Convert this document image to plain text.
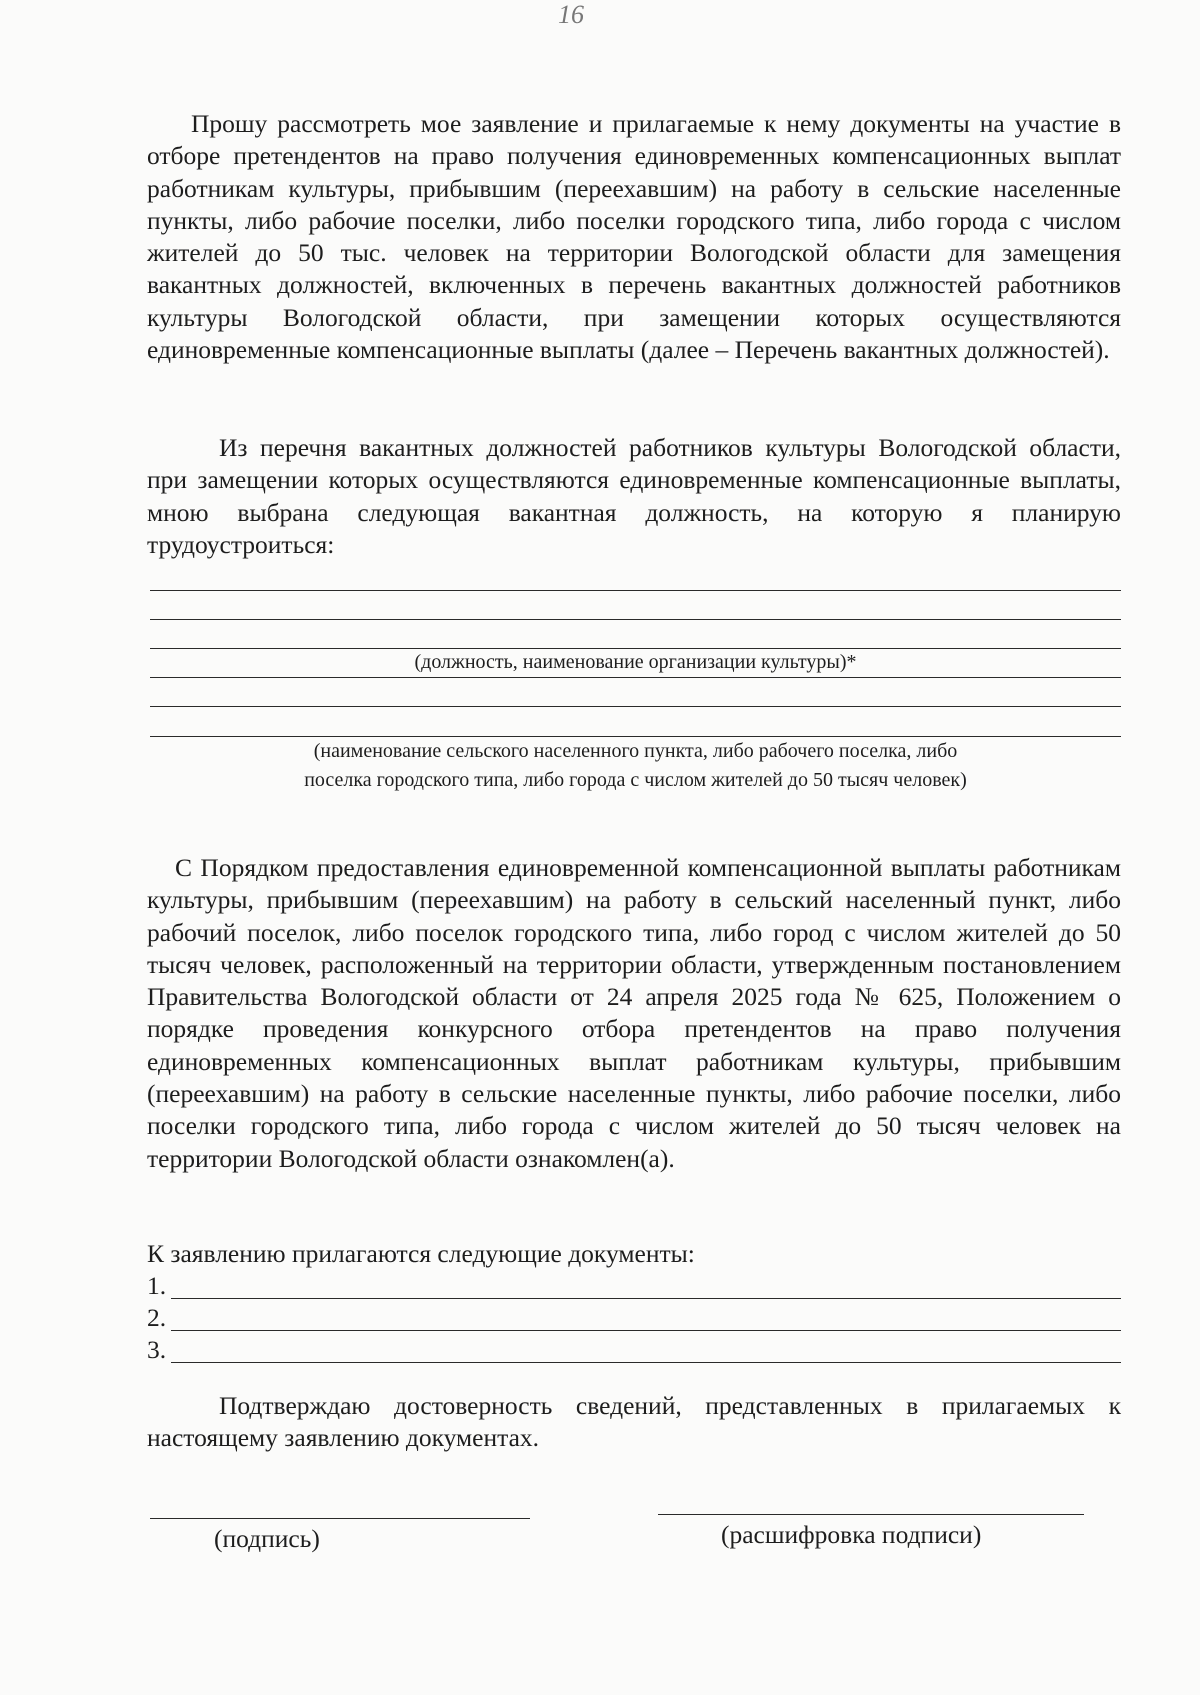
16

Прошу рассмотреть мое заявление и прилагаемые к нему документы на участие в отборе претендентов на право получения единовременных компенсационных выплат работникам культуры, прибывшим (переехавшим) на работу в сельские населенные пункты, либо рабочие поселки, либо поселки городского типа, либо города с числом жителей до 50 тыс. человек на территории Вологодской области для замещения вакантных должностей, включенных в перечень вакантных должностей работников культуры Вологодской области, при замещении которых осуществляются единовременные компенсационные выплаты (далее – Перечень вакантных должностей).

Из перечня вакантных должностей работников культуры Вологодской области, при замещении которых осуществляются единовременные компенсационные выплаты, мною выбрана следующая вакантная должность, на которую я планирую трудоустроиться:

(должность, наименование организации культуры)*
(наименование сельского населенного пункта, либо рабочего поселка, либо
поселка городского типа, либо города с числом жителей до 50 тысяч человек)

С Порядком предоставления единовременной компенсационной выплаты работникам культуры, прибывшим (переехавшим) на работу в сельский населенный пункт, либо рабочий поселок, либо поселок городского типа, либо город с числом жителей до 50 тысяч человек, расположенный на территории области, утвержденным постановлением Правительства Вологодской области от 24 апреля 2025 года № 625, Положением о порядке проведения конкурсного отбора претендентов на право получения единовременных компенсационных выплат работникам культуры, прибывшим (переехавшим) на работу в сельские населенные пункты, либо рабочие поселки, либо поселки городского типа, либо города с числом жителей до 50 тысяч человек на территории Вологодской области ознакомлен(а).

К заявлению прилагаются следующие документы:

1.
2.
3.

Подтверждаю достоверность сведений, представленных в прилагаемых к настоящему заявлению документах.

(подпись)	(расшифровка подписи)
